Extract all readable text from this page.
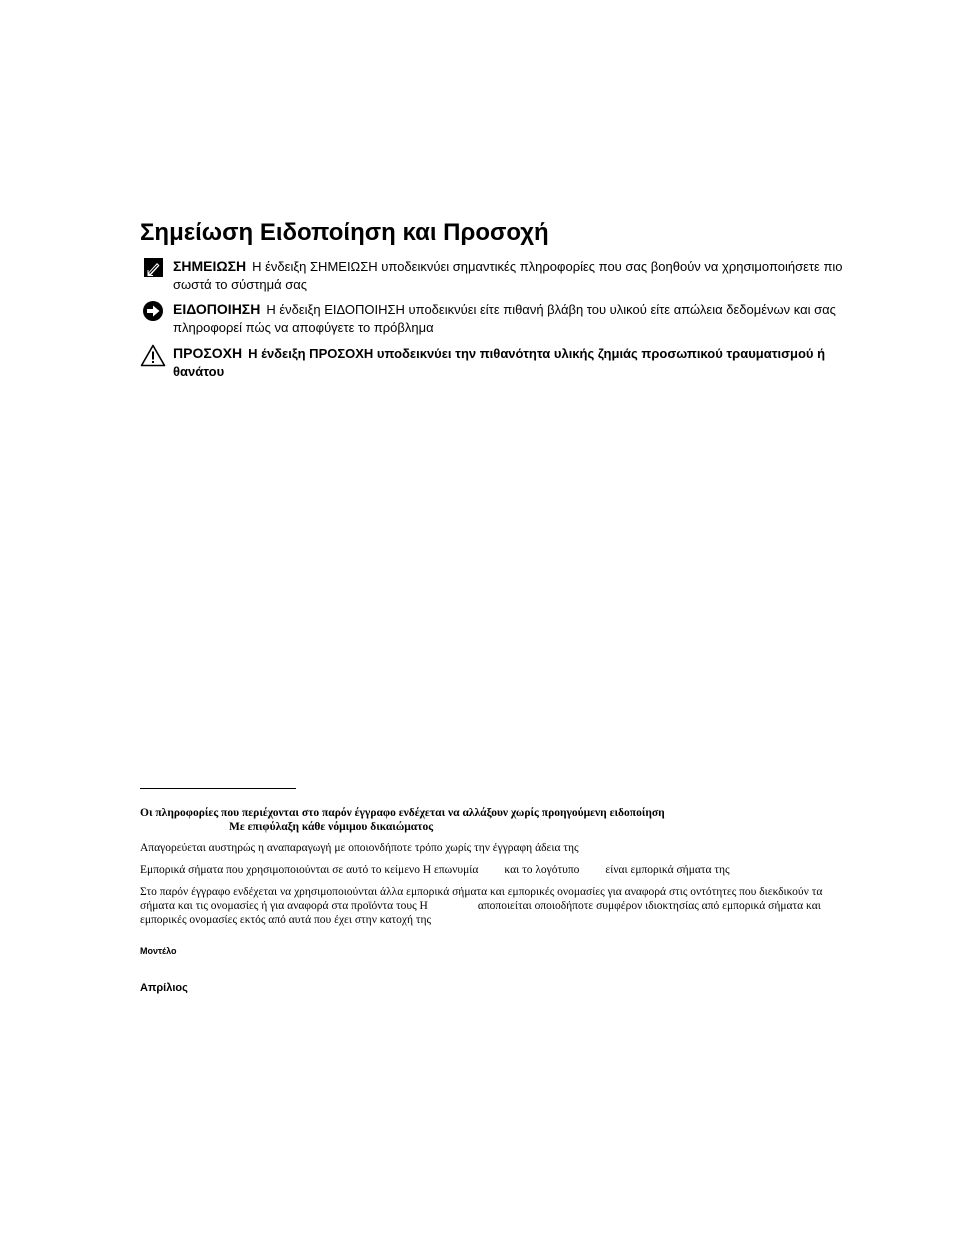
Σημείωση Ειδοποίηση και Προσοχή
ΣΗΜΕΙΩΣΗ Η ένδειξη ΣΗΜΕΙΩΣΗ υποδεικνύει σημαντικές πληροφορίες που σας βοηθούν να χρησιμοποιήσετε πιο σωστά το σύστημά σας
ΕΙΔΟΠΟΙΗΣΗ Η ένδειξη ΕΙΔΟΠΟΙΗΣΗ υποδεικνύει είτε πιθανή βλάβη του υλικού είτε απώλεια δεδομένων και σας πληροφορεί πώς να αποφύγετε το πρόβλημα
ΠΡΟΣΟΧΗ Η ένδειξη ΠΡΟΣΟΧΗ υποδεικνύει την πιθανότητα υλικής ζημιάς προσωπικού τραυματισμού ή θανάτου

Οι πληροφορίες που περιέχονται στο παρόν έγγραφο ενδέχεται να αλλάξουν χωρίς προηγούμενη ειδοποίηση
Με επιφύλαξη κάθε νόμιμου δικαιώματος

Απαγορεύεται αυστηρώς η αναπαραγωγή με οποιονδήποτε τρόπο χωρίς την έγγραφη άδεια της

Εμπορικά σήματα που χρησιμοποιούνται σε αυτό το κείμενο Η επωνυμία και το λογότυπο είναι εμπορικά σήματα της

Στο παρόν έγγραφο ενδέχεται να χρησιμοποιούνται άλλα εμπορικά σήματα και εμπορικές ονομασίες για αναφορά στις οντότητες που διεκδικούν τα σήματα και τις ονομασίες ή για αναφορά στα προϊόντα τους Η	αποποιείται οποιοδήποτε συμφέρον ιδιοκτησίας από εμπορικά σήματα και εμπορικές ονομασίες εκτός από αυτά που έχει στην κατοχή της

Μοντέλο
Απρίλιος
